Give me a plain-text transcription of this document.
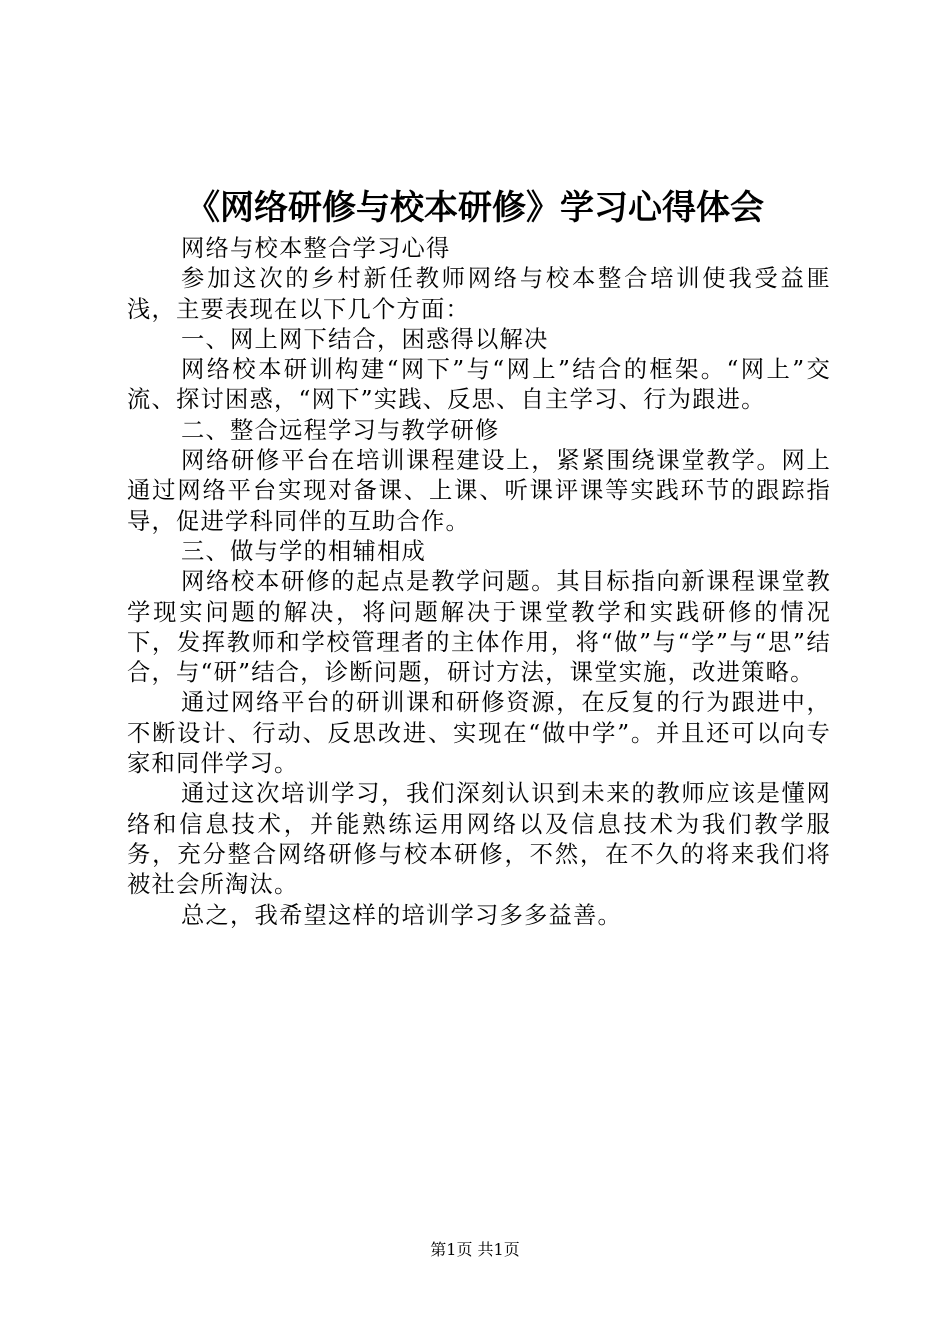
《网络研修与校本研修》学习心得体会

网络与校本整合学习心得

参加这次的乡村新任教师网络与校本整合培训使我受益匪浅，主要表现在以下几个方面：

一、网上网下结合，困惑得以解决

网络校本研训构建“网下”与“网上”结合的框架。“网上”交流、探讨困惑，“网下”实践、反思、自主学习、行为跟进。

二、整合远程学习与教学研修

网络研修平台在培训课程建设上，紧紧围绕课堂教学。网上通过网络平台实现对备课、上课、听课评课等实践环节的跟踪指导，促进学科同伴的互助合作。

三、做与学的相辅相成

网络校本研修的起点是教学问题。其目标指向新课程课堂教学现实问题的解决，将问题解决于课堂教学和实践研修的情况下，发挥教师和学校管理者的主体作用，将“做”与“学”与“思”结合，与“研”结合，诊断问题，研讨方法，课堂实施，改进策略。

通过网络平台的研训课和研修资源，在反复的行为跟进中，不断设计、行动、反思改进、实现在“做中学”。并且还可以向专家和同伴学习。

通过这次培训学习，我们深刻认识到未来的教师应该是懂网络和信息技术，并能熟练运用网络以及信息技术为我们教学服务，充分整合网络研修与校本研修，不然，在不久的将来我们将被社会所淘汰。

总之，我希望这样的培训学习多多益善。

第1页 共1页
